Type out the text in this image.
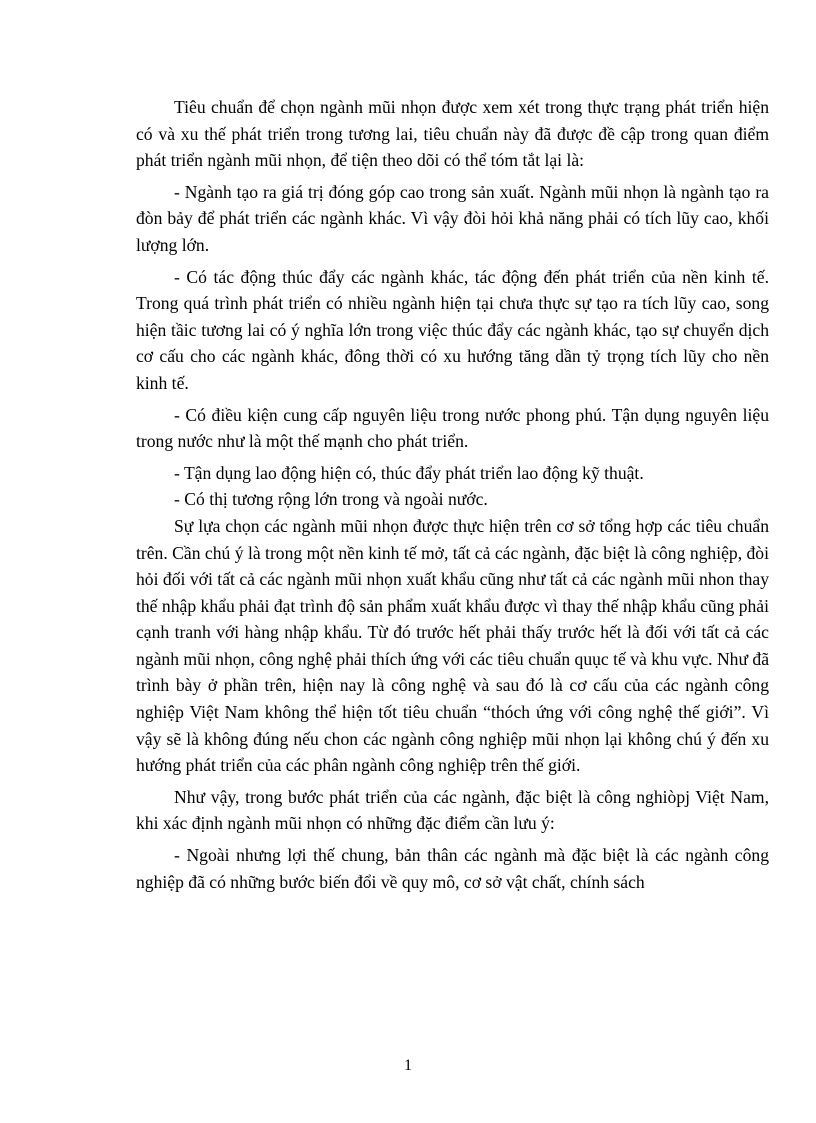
Tiêu chuẩn để chọn ngành mũi nhọn được xem xét trong thực trạng phát triển hiện có và xu thế phát triển trong tương lai, tiêu chuẩn này đã được đề cập trong quan điểm phát triển ngành mũi nhọn, để tiện theo dõi có thể tóm tắt lại là:

- Ngành tạo ra giá trị đóng góp cao trong sản xuất. Ngành mũi nhọn là ngành tạo ra đòn bảy để phát triển các ngành khác. Vì vậy đòi hỏi khả năng phải có tích lũy cao, khối lượng lớn.

- Có tác động thúc đẩy các ngành khác, tác động đến phát triển của nền kinh tế. Trong quá trình phát triển có nhiều ngành hiện tại chưa thực sự tạo ra tích lũy cao, song hiện tầic tương lai có ý nghĩa lớn trong việc thúc đẩy các ngành khác, tạo sự chuyển dịch cơ cấu cho các ngành khác, đông thời có xu hướng tăng dần tỷ trọng tích lũy cho nền kinh tế.

- Có điều kiện cung cấp nguyên liệu trong nước phong phú. Tận dụng nguyên liệu trong nước như là một thế mạnh cho phát triển.

- Tận dụng lao động hiện có, thúc đẩy phát triển lao động kỹ thuật.

- Có thị tương rộng lớn trong và ngoài nước.

Sự lựa chọn các ngành mũi nhọn được thực hiện trên cơ sở tổng hợp các tiêu chuẩn trên. Cần chú ý là trong một nền kinh tế mở, tất cả các ngành, đặc biệt là công nghiệp, đòi hỏi đối với tất cả các ngành mũi nhọn xuất khẩu cũng như tất cả các ngành mũi nhon thay thế nhập khẩu phải đạt trình độ sản phẩm xuất khẩu được vì thay thế nhập khẩu cũng phải cạnh tranh với hàng nhập khẩu. Từ đó trước hết phải thấy trước hết là đối với tất cả các ngành mũi nhọn, công nghệ phải thích ứng với các tiêu chuẩn quục tế và khu vực. Như đã trình bày ở phần trên, hiện nay là công nghệ và sau đó là cơ cấu của các ngành công nghiệp Việt Nam không thể hiện tốt tiêu chuẩn “thóch ứng với công nghệ thế giới”. Vì vậy sẽ là không đúng nếu chon các ngành công nghiệp mũi nhọn lại không chú ý đến xu hướng phát triển của các phân ngành công nghiệp trên thế giới.

Như vậy, trong bước phát triển của các ngành, đặc biệt là công nghiòpj Việt Nam, khi xác định ngành mũi nhọn có những đặc điểm cần lưu ý:

- Ngoài nhưng lợi thế chung, bản thân các ngành mà đặc biệt là các ngành công nghiệp đã có những bước biến đổi về quy mô, cơ sở vật chất, chính sách

1
